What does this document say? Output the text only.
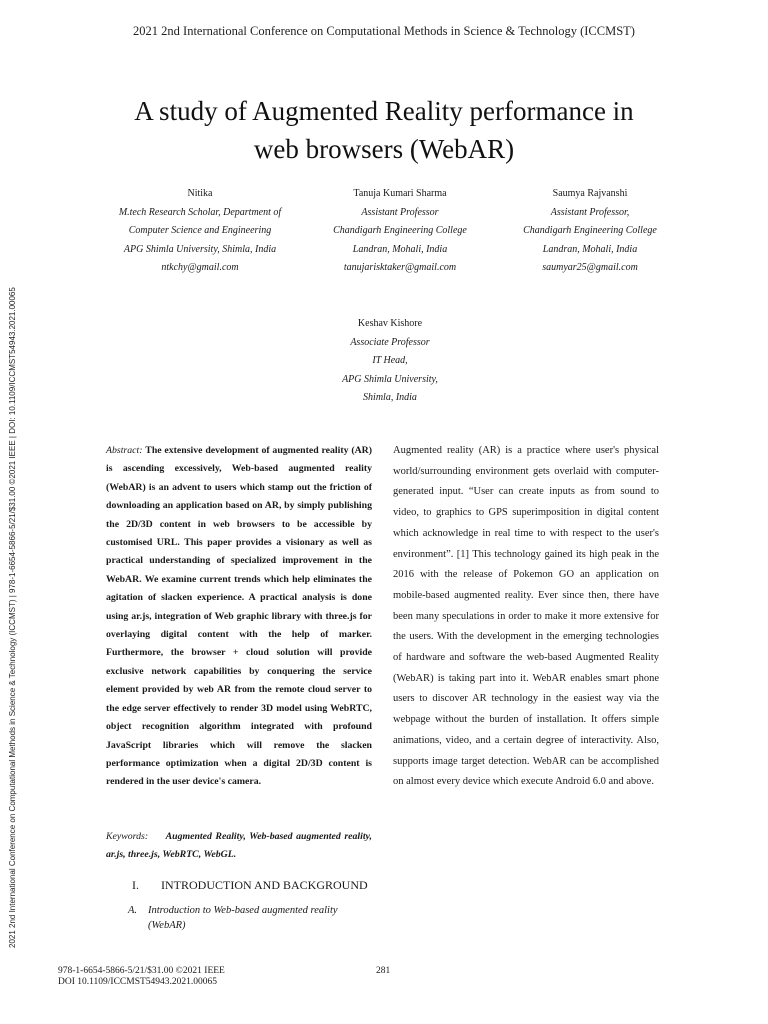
2021 2nd International Conference on Computational Methods in Science & Technology (ICCMST)
2021 2nd International Conference on Computational Methods in Science & Technology (ICCMST) | 978-1-6654-5866-5/21/$31.00 ©2021 IEEE | DOI: 10.1109/ICCMST54943.2021.00065
A study of Augmented Reality performance in
web browsers (WebAR)
Nitika
M.tech Research Scholar, Department of
Computer Science and Engineering
APG Shimla University, Shimla, India
ntkchy@gmail.com
Tanuja Kumari Sharma
Assistant Professor
Chandigarh Engineering College
Landran, Mohali, India
tanujarisktaker@gmail.com
Saumya Rajvanshi
Assistant Professor,
Chandigarh Engineering College
Landran, Mohali, India
saumyar25@gmail.com
Keshav Kishore
Associate Professor
IT Head,
APG Shimla University,
Shimla, India
Abstract: The extensive development of augmented reality (AR) is ascending excessively, Web-based augmented reality (WebAR) is an advent to users which stamp out the friction of downloading an application based on AR, by simply publishing the 2D/3D content in web browsers to be accessible by customised URL. This paper provides a visionary as well as practical understanding of specialized improvement in the WebAR. We examine current trends which help eliminates the agitation of slacken experience. A practical analysis is done using ar.js, integration of Web graphic library with three.js for overlaying digital content with the help of marker. Furthermore, the browser + cloud solution will provide exclusive network capabilities by conquering the service element provided by web AR from the remote cloud server to the edge server effectively to render 3D model using WebRTC, object recognition algorithm integrated with profound JavaScript libraries which will remove the slacken performance optimization when a digital 2D/3D content is rendered in the user device's camera.
Keywords: Augmented Reality, Web-based augmented reality, ar.js, three.js, WebRTC, WebGL.
I. INTRODUCTION AND BACKGROUND
A.	Introduction to Web-based augmented reality (WebAR)
Augmented reality (AR) is a practice where user's physical world/surrounding environment gets overlaid with computer-generated input. “User can create inputs as from sound to video, to graphics to GPS superimposition in digital content which acknowledge in real time to with respect to the user's environment”. [1] This technology gained its high peak in the 2016 with the release of Pokemon GO an application on mobile-based augmented reality. Ever since then, there have been many speculations in order to make it more extensive for the users. With the development in the emerging technologies of hardware and software the web-based Augmented Reality (WebAR) is taking part into it. WebAR enables smart phone users to discover AR technology in the easiest way via the webpage without the burden of installation. It offers simple animations, video, and a certain degree of interactivity. Also, supports image target detection. WebAR can be accomplished on almost every device which execute Android 6.0 and above.
978-1-6654-5866-5/21/$31.00 ©2021 IEEE
DOI 10.1109/ICCMST54943.2021.00065
281
